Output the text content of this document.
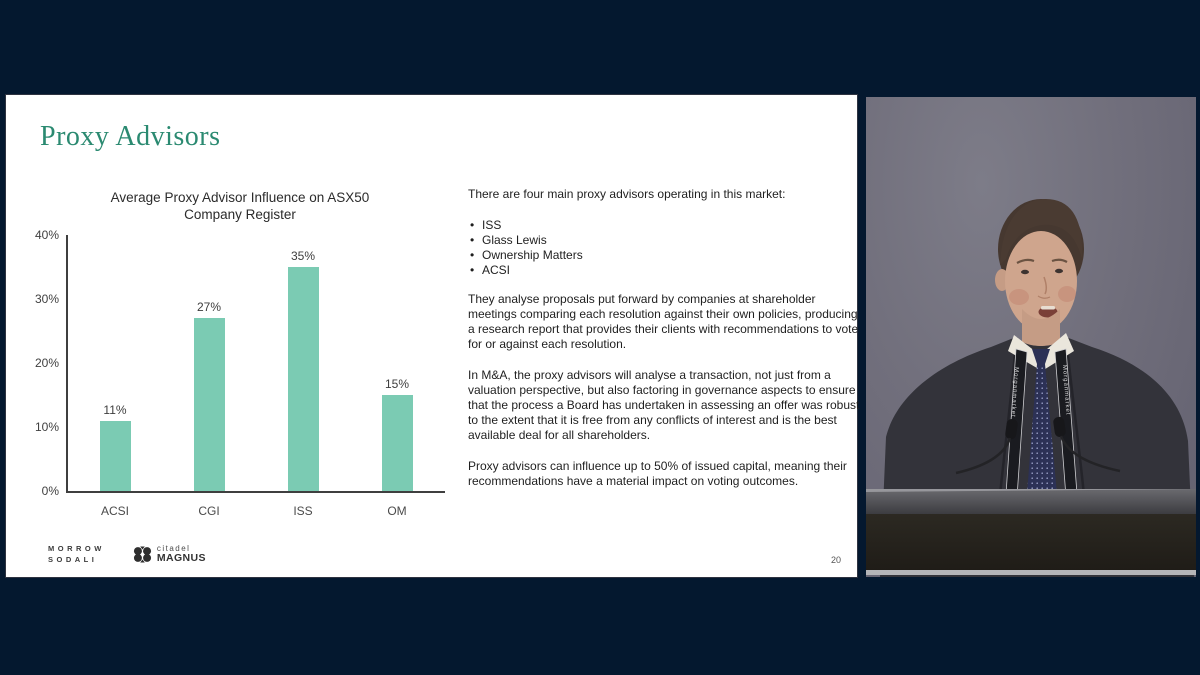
Proxy Advisors
Average Proxy Advisor Influence on ASX50
Company Register
40%
30%
20%
10%
0%
11%
27%
35%
15%
ACSI	CGI	ISS	OM

There are four main proxy advisors operating in this market:

• ISS
• Glass Lewis
• Ownership Matters
• ACSI

They analyse proposals put forward by companies at shareholder meetings comparing each resolution against their own policies, producing a research report that provides their clients with recommendations to vote for or against each resolution.

In M&A, the proxy advisors will analyse a transaction, not just from a valuation perspective, but also factoring in governance aspects to ensure that the process a Board has undertaken in assessing an offer was robust to the extent that it is free from any conflicts of interest and is the best available deal for all shareholders.

Proxy advisors can influence up to 50% of issued capital, meaning their recommendations have a material impact on voting outcomes.

MORROW
SODALI
citadel
MAGNUS	20
Morganmarket	Morganmarket
